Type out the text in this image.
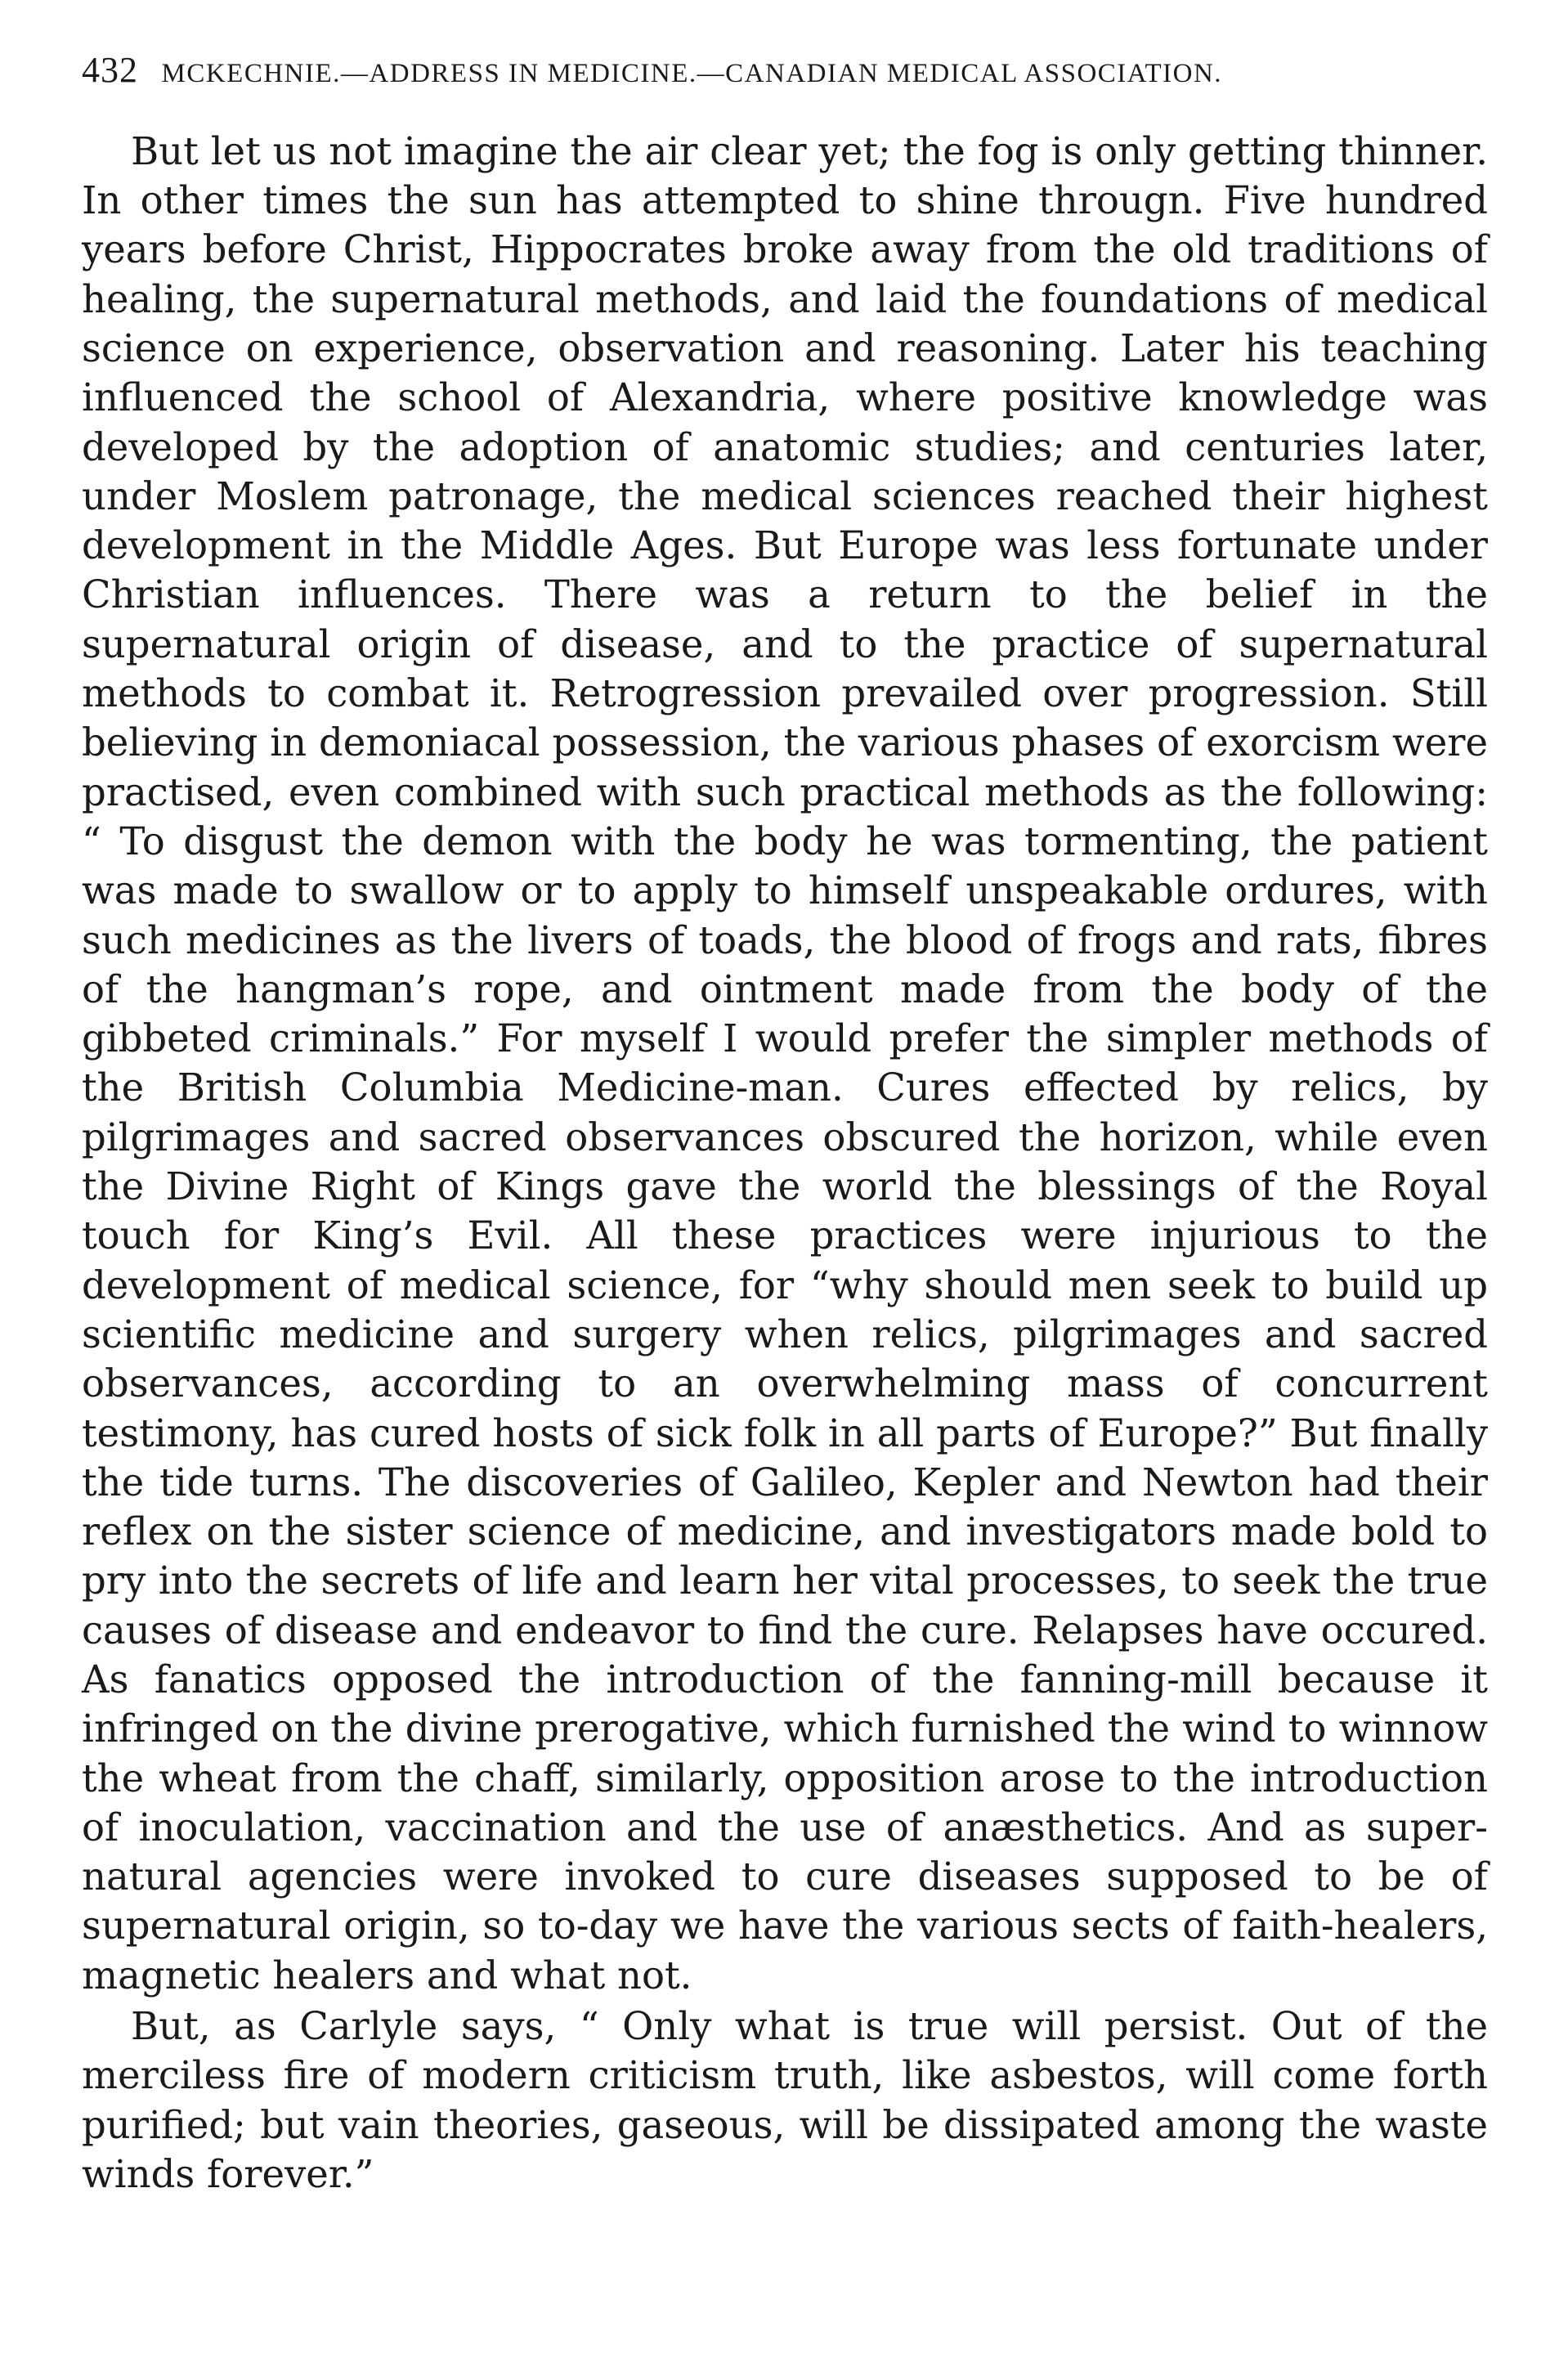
432 MCKECHNIE.—ADDRESS IN MEDICINE.—CANADIAN MEDICAL ASSOCIATION.

But let us not imagine the air clear yet; the fog is only getting thinner. In other times the sun has attempted to shine througn. Five hundred years before Christ, Hippocrates broke away from the old traditions of healing, the supernatural methods, and laid the foundations of medical science on experience, observation and reasoning. Later his teaching influenced the school of Alexandria, where positive knowledge was developed by the adoption of anatomic studies; and centuries later, under Moslem patronage, the medical sciences reached their highest development in the Middle Ages. But Europe was less fortunate under Christian influences. There was a return to the belief in the supernatural origin of disease, and to the practice of supernatural methods to combat it. Retrogression prevailed over progression. Still believing in demoniacal possession, the various phases of exorcism were practised, even combined with such practical methods as the following: “ To disgust the demon with the body he was tormenting, the patient was made to swallow or to apply to himself unspeakable ordures, with such medicines as the livers of toads, the blood of frogs and rats, fibres of the hangman’s rope, and ointment made from the body of the gibbeted criminals.” For myself I would prefer the simpler methods of the British Columbia Medicine-man. Cures effected by relics, by pilgrimages and sacred observances obscured the horizon, while even the Divine Right of Kings gave the world the blessings of the Royal touch for King’s Evil. All these practices were injurious to the development of medical science, for “why should men seek to build up scientific medicine and surgery when relics, pilgrimages and sacred observances, according to an overwhelming mass of concurrent testimony, has cured hosts of sick folk in all parts of Europe?” But finally the tide turns. The discoveries of Galileo, Kepler and Newton had their reflex on the sister science of medicine, and investigators made bold to pry into the secrets of life and learn her vital processes, to seek the true causes of disease and endeavor to find the cure. Relapses have occured. As fanatics opposed the introduction of the fanning-mill because it infringed on the divine prerogative, which furnished the wind to winnow the wheat from the chaff, similarly, opposition arose to the introduction of inoculation, vaccination and the use of anæsthetics. And as supernatural agencies were invoked to cure diseases supposed to be of supernatural origin, so to-day we have the various sects of faith-healers, magnetic healers and what not.

But, as Carlyle says, “ Only what is true will persist. Out of the merciless fire of modern criticism truth, like asbestos, will come forth purified; but vain theories, gaseous, will be dissipated among the waste winds forever.”
